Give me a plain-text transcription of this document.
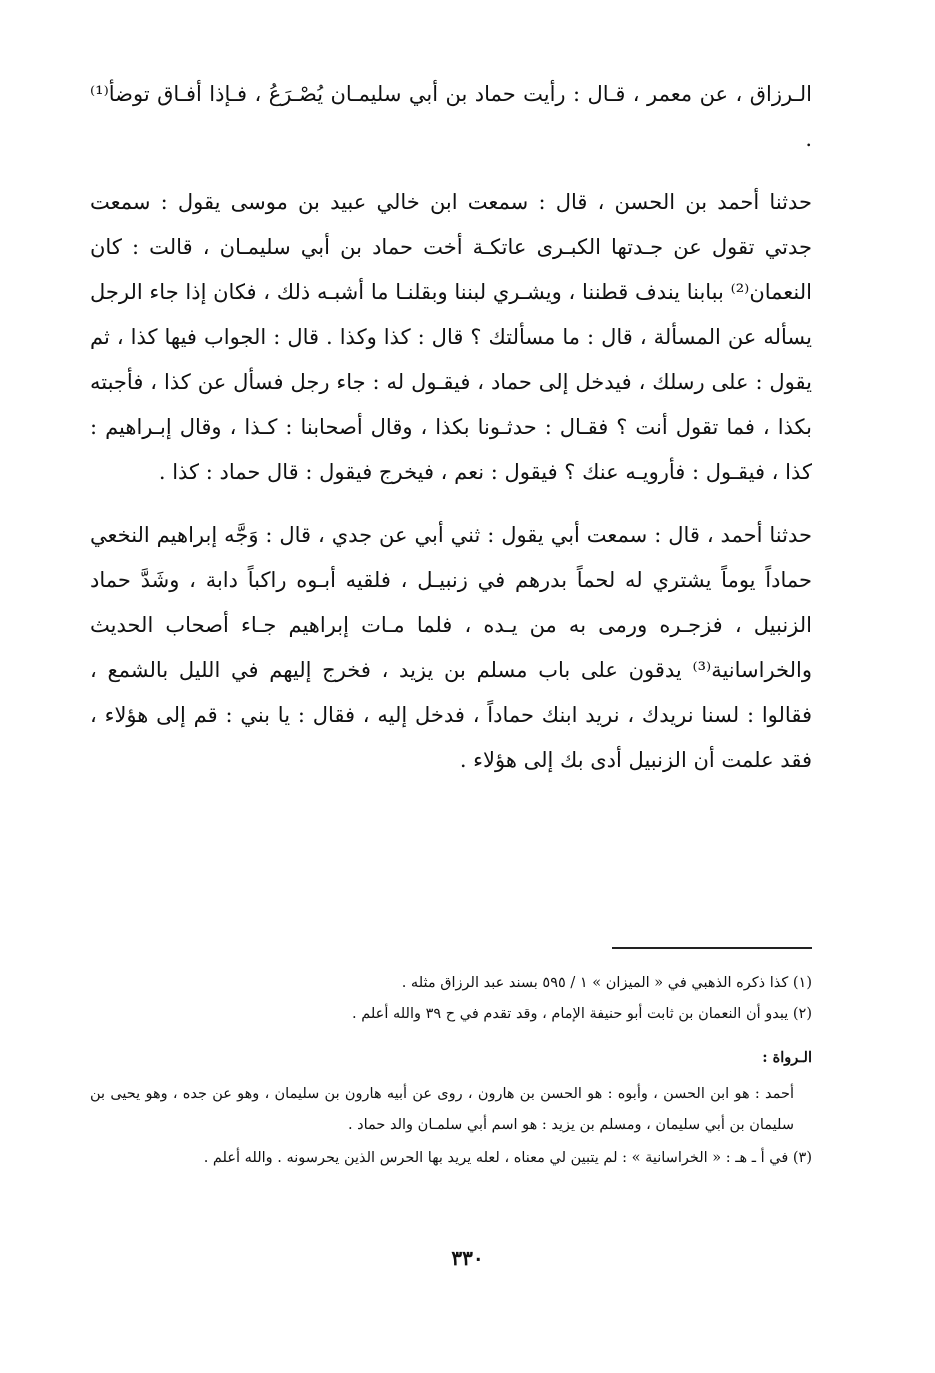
الـرزاق ، عن معمر ، قـال : رأيت حماد بن أبي سليمـان يُصْـرَعُ ، فـإذا أفـاق توضأ⁽¹⁾ .

حدثنا أحمد بن الحسن ، قال : سمعت ابن خالي عبيد بن موسى يقول : سمعت جدتي تقول عن جـدتها الكبـرى عاتكـة أخت حماد بن أبي سليمـان ، قالت : كان النعمان⁽²⁾ ببابنا يندف قطننا ، ويشـري لبننا وبقلنـا ما أشبـه ذلك ، فكان إذا جاء الرجل يسأله عن المسألة ، قال : ما مسألتك ؟ قال : كذا وكذا . قال : الجواب فيها كذا ، ثم يقول : على رسلك ، فيدخل إلى حماد ، فيقـول له : جاء رجل فسأل عن كذا ، فأجبته بكذا ، فما تقول أنت ؟ فقـال : حدثـونا بكذا ، وقال أصحابنا : كـذا ، وقال إبـراهيم : كذا ، فيقـول : فأرويـه عنك ؟ فيقول : نعم ، فيخرج فيقول : قال حماد : كذا .

حدثنا أحمد ، قال : سمعت أبي يقول : ثني أبي عن جدي ، قال : وَجَّه إبراهيم النخعي حماداً يوماً يشتري له لحماً بدرهم في زنبيـل ، فلقيه أبـوه راكباً دابة ، وشَدَّ حماد الزنبيل ، فزجـره ورمى به من يـده ، فلما مـات إبراهيم جـاء أصحاب الحديث والخراسانية⁽³⁾ يدقون على باب مسلم بن يزيد ، فخرج إليهم في الليل بالشمع ، فقالوا : لسنا نريدك ، نريد ابنك حماداً ، فدخل إليه ، فقال : يا بني : قم إلى هؤلاء ، فقد علمت أن الزنبيل أدى بك إلى هؤلاء .

(١) كذا ذكره الذهبي في « الميزان » ١ / ٥٩٥ بسند عبد الرزاق مثله .

(٢) يبدو أن النعمان بن ثابت أبو حنيفة الإمام ، وقد تقدم في ح ٣٩ والله أعلم .

الـرواة :

أحمد : هو ابن الحسن ، وأبوه : هو الحسن بن هارون ، روى عن أبيه هارون بن سليمان ، وهو عن جده ، وهو يحيى بن سليمان بن أبي سليمان ، ومسلم بن يزيد : هو اسم أبي سلمـان والد حماد .

(٣) في أ ـ هـ : « الخراسانية » : لم يتبين لي معناه ، لعله يريد بها الحرس الذين يحرسونه . والله أعلم .

٣٣٠
